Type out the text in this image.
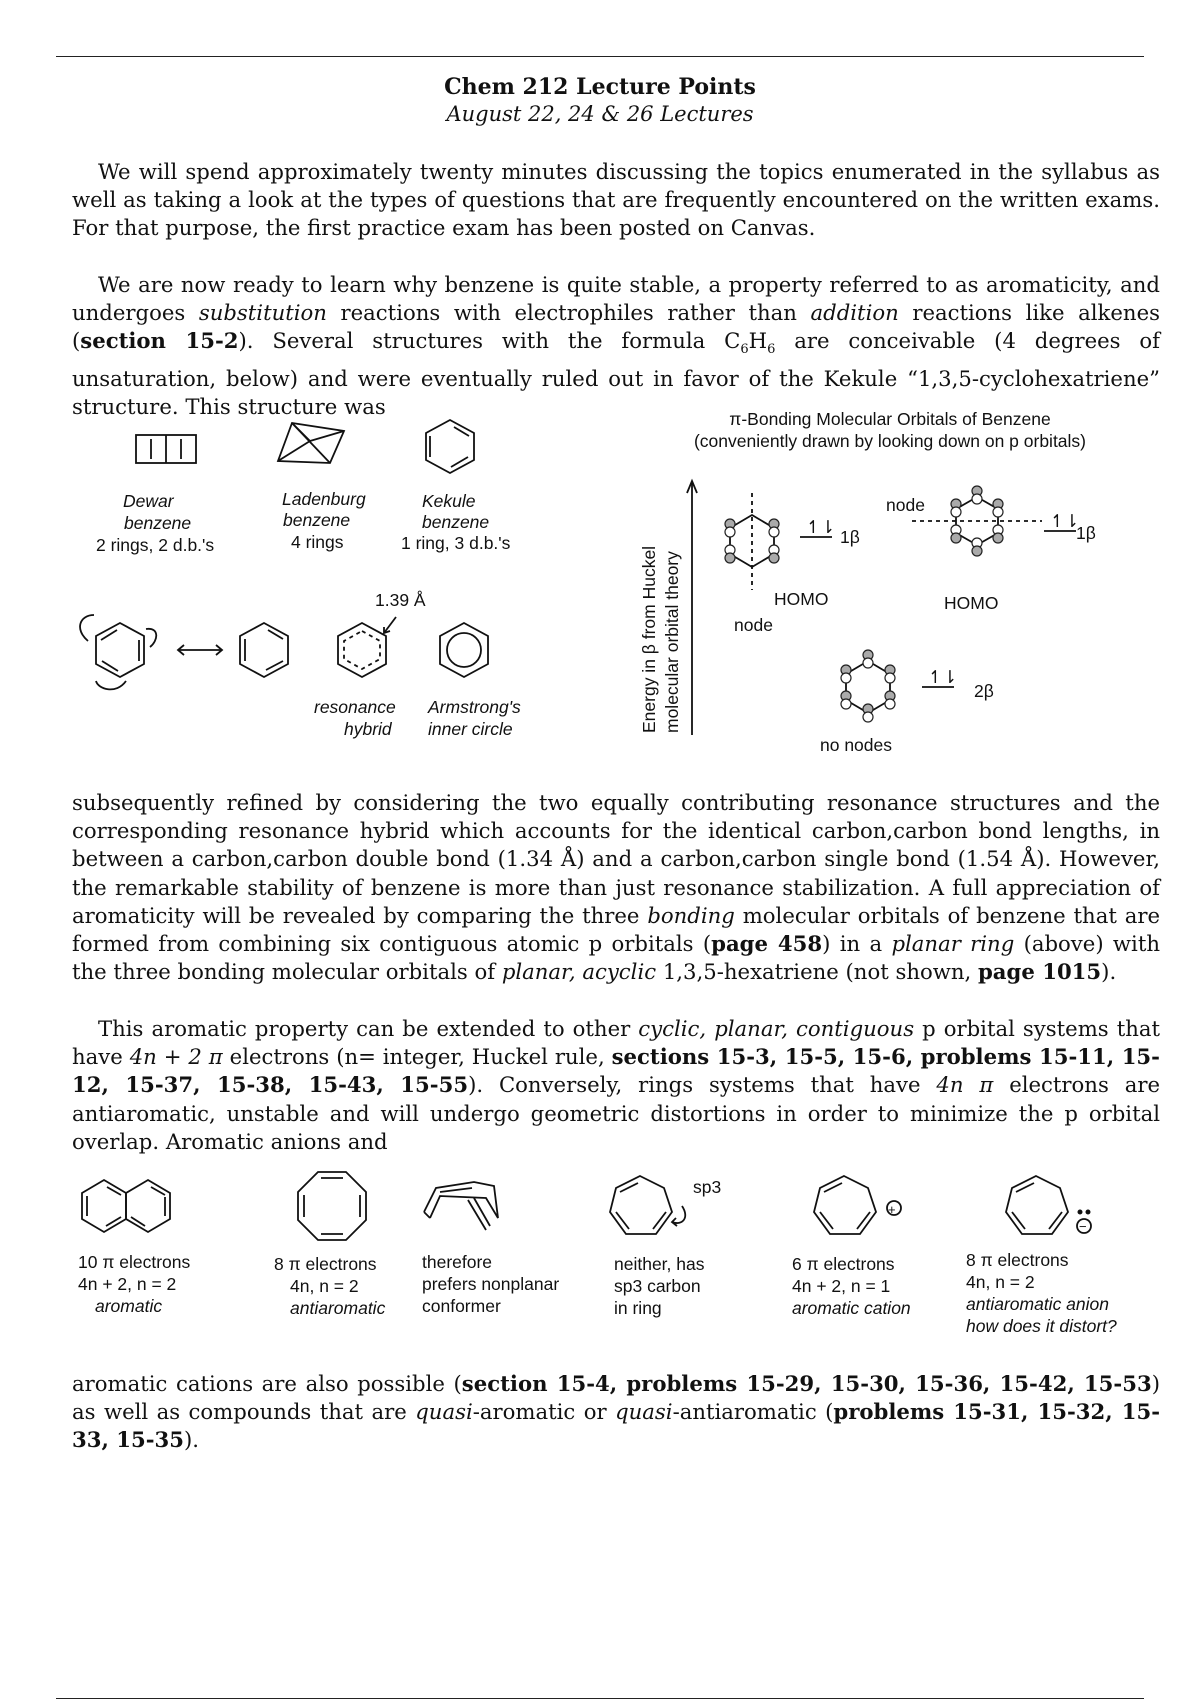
Chem 212 Lecture Points
August 22, 24 & 26 Lectures

We will spend approximately twenty minutes discussing the topics enumerated in the syllabus as well as taking a look at the types of questions that are frequently encountered on the written exams. For that purpose, the first practice exam has been posted on Canvas.

We are now ready to learn why benzene is quite stable, a property referred to as aromaticity, and undergoes substitution reactions with electrophiles rather than addition reactions like alkenes (section 15-2). Several structures with the formula $C_6H_6$ are conceivable (4 degrees of unsaturation, below) and were eventually ruled out in favor of the Kekule “1,3,5-cyclohexatriene” structure. This structure was

Dewar
benzene
2 rings, 2 d.b.'s
Ladenburg
benzene
4 rings
Kekule
benzene
1 ring, 3 d.b.'s
1.39 Å
resonance
hybrid
Armstrong's
inner circle
π-Bonding Molecular Orbitals of Benzene
(conveniently drawn by looking down on p orbitals)
Energy in β from Huckel molecular orbital theory
↿⇂ 1β
HOMO
node
node
↿⇂
1β
HOMO
↿⇂
2β
no nodes

subsequently refined by considering the two equally contributing resonance structures and the corresponding resonance hybrid which accounts for the identical carbon,carbon bond lengths, in between a carbon,carbon double bond (1.34 Å) and a carbon,carbon single bond (1.54 Å). However, the remarkable stability of benzene is more than just resonance stabilization. A full appreciation of aromaticity will be revealed by comparing the three bonding molecular orbitals of benzene that are formed from combining six contiguous atomic p orbitals (page 458) in a planar ring (above) with the three bonding molecular orbitals of planar, acyclic 1,3,5-hexatriene (not shown, page 1015).

This aromatic property can be extended to other cyclic, planar, contiguous p orbital systems that have 4n + 2 π electrons (n= integer, Huckel rule, sections 15-3, 15-5, 15-6, problems 15-11, 15-12, 15-37, 15-38, 15-43, 15-55). Conversely, rings systems that have 4n π electrons are antiaromatic, unstable and will undergo geometric distortions in order to minimize the p orbital overlap. Aromatic anions and

10 π electrons
4n + 2, n = 2
aromatic
8 π electrons
4n, n = 2
antiaromatic
therefore
prefers nonplanar
conformer
sp3
neither, has
sp3 carbon
in ring
+
6 π electrons
4n + 2, n = 1
aromatic cation
−
8 π electrons
4n, n = 2
antiaromatic anion
how does it distort?

aromatic cations are also possible (section 15-4, problems 15-29, 15-30, 15-36, 15-42, 15-53) as well as compounds that are quasi-aromatic or quasi-antiaromatic (problems 15-31, 15-32, 15-33, 15-35).
